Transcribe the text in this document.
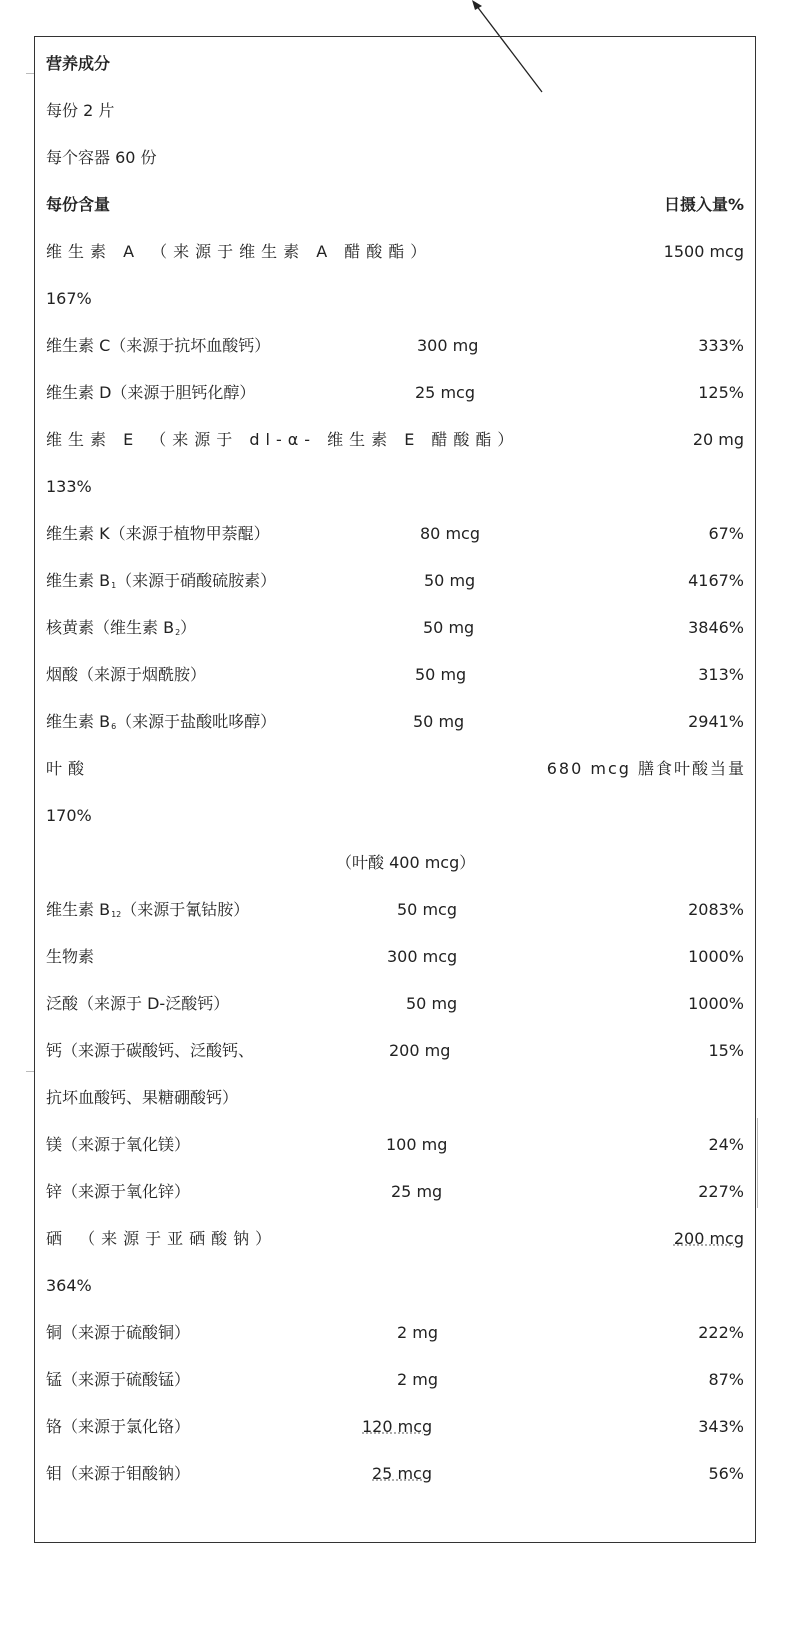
营养成分
每份 2 片
每个容器 60 份
每份含量	日摄入量%
维生素 A （来源于维生素 A 醋酸酯）	1500 mcg
167%
维生素 C（来源于抗坏血酸钙）	300 mg	333%
维生素 D（来源于胆钙化醇）	25 mcg	125%
维生素 E （来源于 dl-α- 维生素 E 醋酸酯）	20 mg
133%
维生素 K（来源于植物甲萘醌）	80 mcg	67%
维生素 $B_1$（来源于硝酸硫胺素）	50 mg	4167%
核黄素（维生素 $B_2$）	50 mg	3846%
烟酸（来源于烟酰胺）	50 mg	313%
维生素 $B_6$（来源于盐酸吡哆醇）	50 mg	2941%
叶酸	680 mcg 膳食叶酸当量
170%
（叶酸 400 mcg）
维生素 $B_{12}$（来源于氰钴胺）	50 mcg	2083%
生物素	300 mcg	1000%
泛酸（来源于 D-泛酸钙）	50 mg	1000%
钙（来源于碳酸钙、泛酸钙、	200 mg	15%
抗坏血酸钙、果糖硼酸钙）
镁（来源于氧化镁）	100 mg	24%
锌（来源于氧化锌）	25 mg	227%
硒 （来源于亚硒酸钠）	200 mcg
364%
铜（来源于硫酸铜）	2 mg	222%
锰（来源于硫酸锰）	2 mg	87%
铬（来源于氯化铬）	120 mcg	343%
钼（来源于钼酸钠）	25 mcg	56%
